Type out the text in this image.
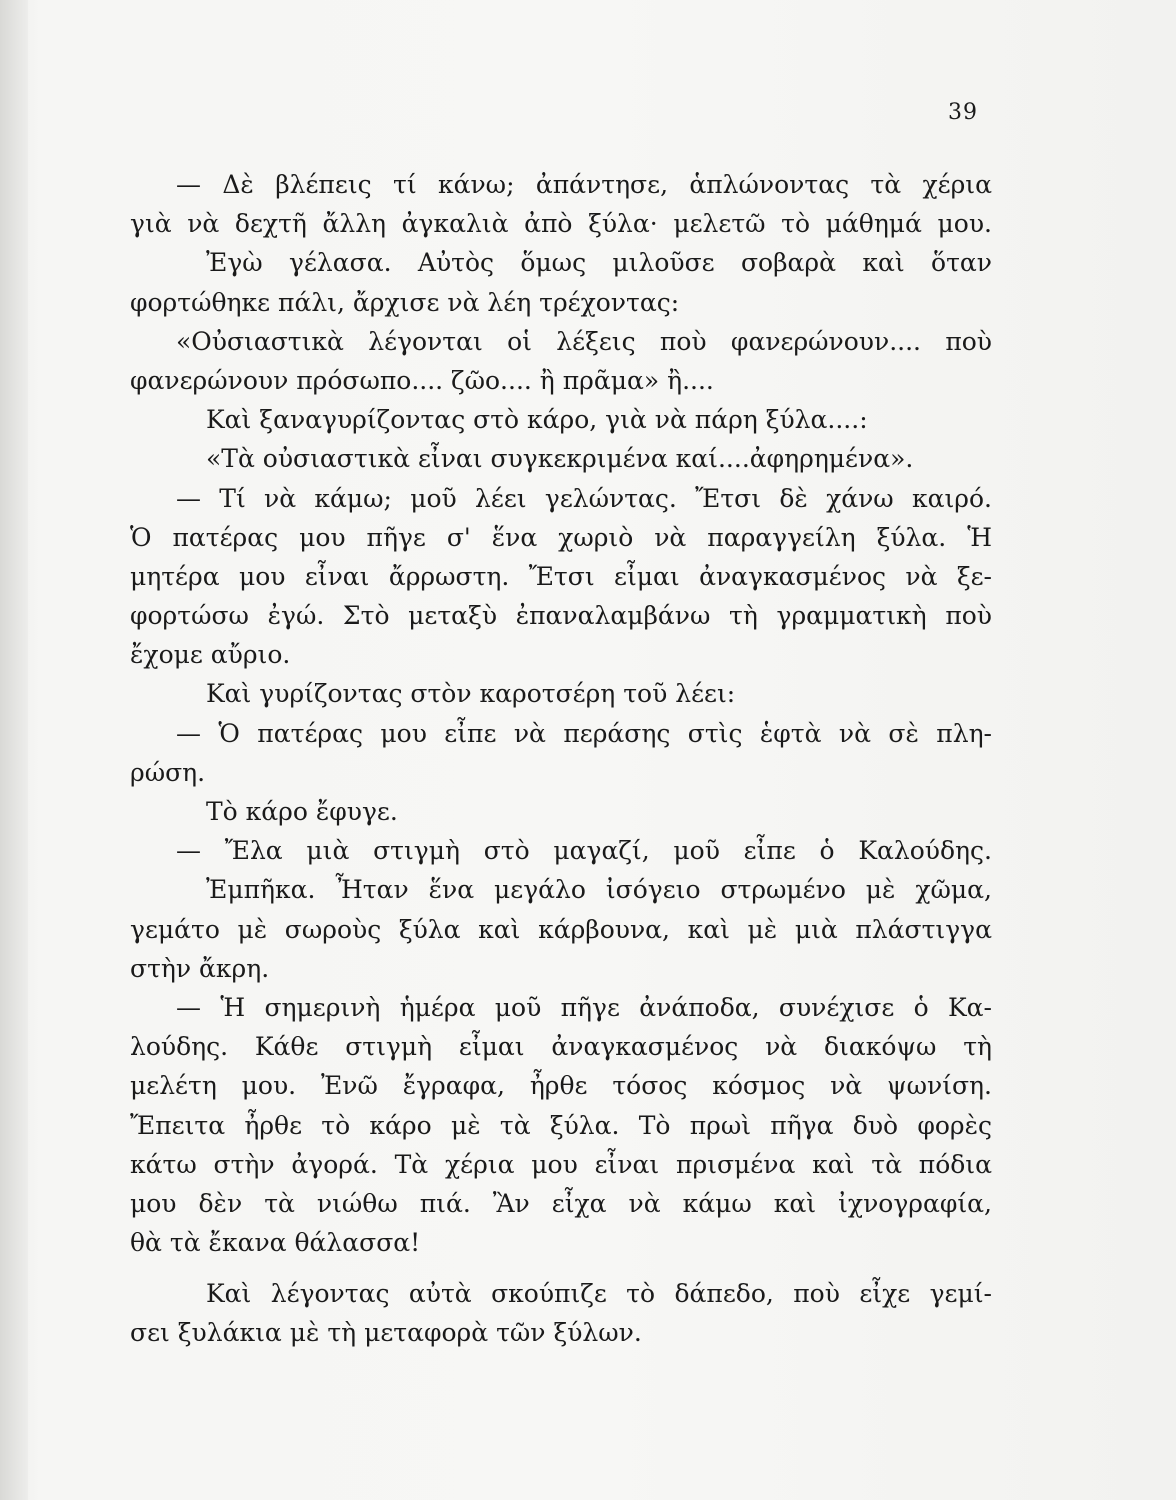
39
— Δὲ βλέπεις τί κάνω; ἀπάντησε, ἁπλώνοντας τὰ χέρια
γιὰ νὰ δεχτῆ ἄλλη ἀγκαλιὰ ἀπὸ ξύλα· μελετῶ τὸ μάθημά μου.
Ἐγὼ γέλασα. Αὐτὸς ὅμως μιλοῦσε σοβαρὰ καὶ ὅταν
φορτώθηκε πάλι, ἄρχισε νὰ λέη τρέχοντας:
«Οὐσιαστικὰ λέγονται οἱ λέξεις ποὺ φανερώνουν.... ποὺ
φανερώνουν πρόσωπο.... ζῶο.... ἢ πρᾶμα» ἢ....
Καὶ ξαναγυρίζοντας στὸ κάρο, γιὰ νὰ πάρη ξύλα....:
«Τὰ οὐσιαστικὰ εἶναι συγκεκριμένα καί....ἀφηρημένα».
— Τί νὰ κάμω; μοῦ λέει γελώντας. Ἔτσι δὲ χάνω καιρό.
Ὁ πατέρας μου πῆγε σ' ἕνα χωριὸ νὰ παραγγείλη ξύλα. Ἡ
μητέρα μου εἶναι ἄρρωστη. Ἔτσι εἶμαι ἀναγκασμένος νὰ ξε-
φορτώσω ἐγώ. Στὸ μεταξὺ ἐπαναλαμβάνω τὴ γραμματικὴ ποὺ
ἔχομε αὔριο.
Καὶ γυρίζοντας στὸν καροτσέρη τοῦ λέει:
— Ὁ πατέρας μου εἶπε νὰ περάσης στὶς ἑφτὰ νὰ σὲ πλη-
ρώση.
Τὸ κάρο ἔφυγε.
— Ἔλα μιὰ στιγμὴ στὸ μαγαζί, μοῦ εἶπε ὁ Καλούδης.
Ἐμπῆκα. Ἦταν ἕνα μεγάλο ἰσόγειο στρωμένο μὲ χῶμα,
γεμάτο μὲ σωροὺς ξύλα καὶ κάρβουνα, καὶ μὲ μιὰ πλάστιγγα
στὴν ἄκρη.
— Ἡ σημερινὴ ἡμέρα μοῦ πῆγε ἀνάποδα, συνέχισε ὁ Κα-
λούδης. Κάθε στιγμὴ εἶμαι ἀναγκασμένος νὰ διακόψω τὴ
μελέτη μου. Ἐνῶ ἔγραφα, ἦρθε τόσος κόσμος νὰ ψωνίση.
Ἔπειτα ἦρθε τὸ κάρο μὲ τὰ ξύλα. Τὸ πρωὶ πῆγα δυὸ φορὲς
κάτω στὴν ἀγορά. Τὰ χέρια μου εἶναι πρισμένα καὶ τὰ πόδια
μου δὲν τὰ νιώθω πιά. Ἂν εἶχα νὰ κάμω καὶ ἰχνογραφία,
θὰ τὰ ἔκανα θάλασσα!
Καὶ λέγοντας αὐτὰ σκούπιζε τὸ δάπεδο, ποὺ εἶχε γεμί-
σει ξυλάκια μὲ τὴ μεταφορὰ τῶν ξύλων.
